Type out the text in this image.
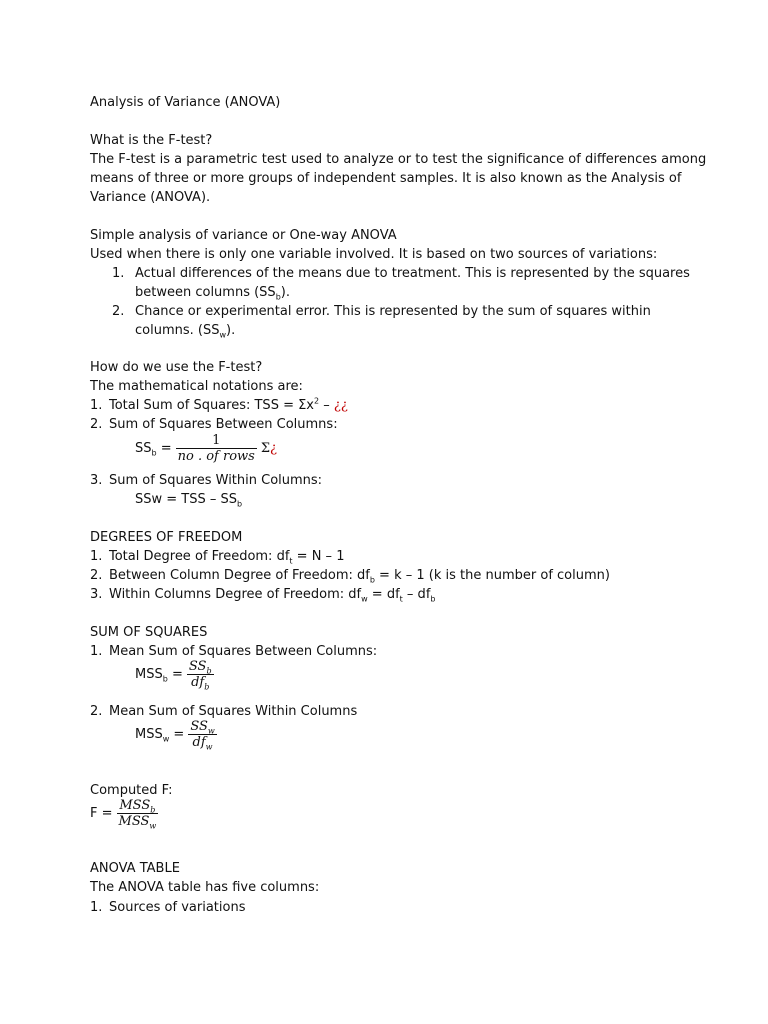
Analysis of Variance (ANOVA)
What is the F-test?
The F-test is a parametric test used to analyze or to test the significance of differences among
means of three or more groups of independent samples. It is also known as the Analysis of
Variance (ANOVA).
Simple analysis of variance or One-way ANOVA
Used when there is only one variable involved. It is based on two sources of variations:
1. Actual differences of the means due to treatment. This is represented by the squares
between columns $(SS_b)$.
2. Chance or experimental error. This is represented by the sum of squares within
columns. $(SS_w)$.
How do we use the F-test?
The mathematical notations are:
1. Total Sum of Squares: TSS = $\Sigma x^2$ – ¿¿
2. Sum of Squares Between Columns:
$SS_b = \frac{1}{\text{no . of rows}}$ Σ ¿
3. Sum of Squares Within Columns:
SSw = TSS – $SS_b$
DEGREES OF FREEDOM
1. Total Degree of Freedom: $df_t = N - 1$
2. Between Column Degree of Freedom: $df_b = k - 1$ (k is the number of column)
3. Within Columns Degree of Freedom: $df_w = df_t - df_b$
SUM OF SQUARES
1. Mean Sum of Squares Between Columns:
$MSS_b = \frac{SS_b}{df_b}$
2. Mean Sum of Squares Within Columns
$MSS_w = \frac{SS_w}{df_w}$
Computed F:
$F = \frac{MSS_b}{MSS_w}$
ANOVA TABLE
The ANOVA table has five columns:
1. Sources of variations
